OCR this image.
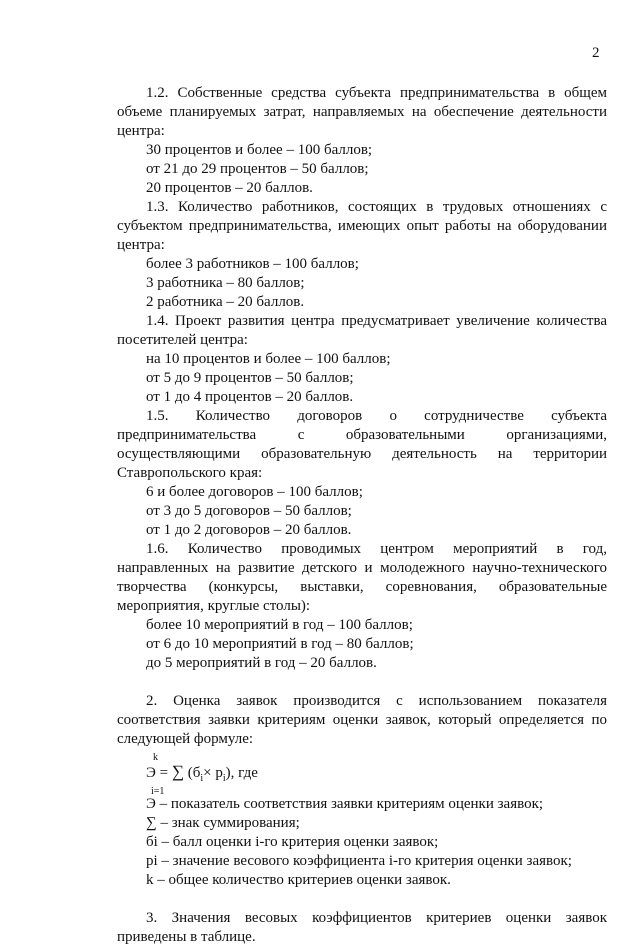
2

1.2. Собственные средства субъекта предпринимательства в общем объеме планируемых затрат, направляемых на обеспечение деятельности центра:

30 процентов и более – 100 баллов;

от 21 до 29 процентов – 50 баллов;

20 процентов – 20 баллов.

1.3. Количество работников, состоящих в трудовых отношениях с субъектом предпринимательства, имеющих опыт работы на оборудовании центра:

более 3 работников – 100 баллов;

3 работника – 80 баллов;

2 работника – 20 баллов.

1.4. Проект развития центра предусматривает увеличение количества посетителей центра:

на 10 процентов и более – 100 баллов;

от 5 до 9 процентов – 50 баллов;

от 1 до 4 процентов – 20 баллов.

1.5. Количество договоров о сотрудничестве субъекта предпринимательства с образовательными организациями, осуществляющими образовательную деятельность на территории Ставропольского края:

6 и более договоров – 100 баллов;

от 3 до 5 договоров – 50 баллов;

от 1 до 2 договоров – 20 баллов.

1.6. Количество проводимых центром мероприятий в год, направленных на развитие детского и молодежного научно-технического творчества (конкурсы, выставки, соревнования, образовательные мероприятия, круглые столы):

более 10 мероприятий в год – 100 баллов;

от 6 до 10 мероприятий в год – 80 баллов;

до 5 мероприятий в год – 20 баллов.

2. Оценка заявок производится с использованием показателя соответствия заявки критериям оценки заявок, который определяется по следующей формуле:

k
Э = ∑ $(б_i\times p_i)$, где
i=1

Э – показатель соответствия заявки критериям оценки заявок;

∑ – знак суммирования;

бi – балл оценки i-го критерия оценки заявок;

pi – значение весового коэффициента i-го критерия оценки заявок;

k – общее количество критериев оценки заявок.

3. Значения весовых коэффициентов критериев оценки заявок приведены в таблице.
